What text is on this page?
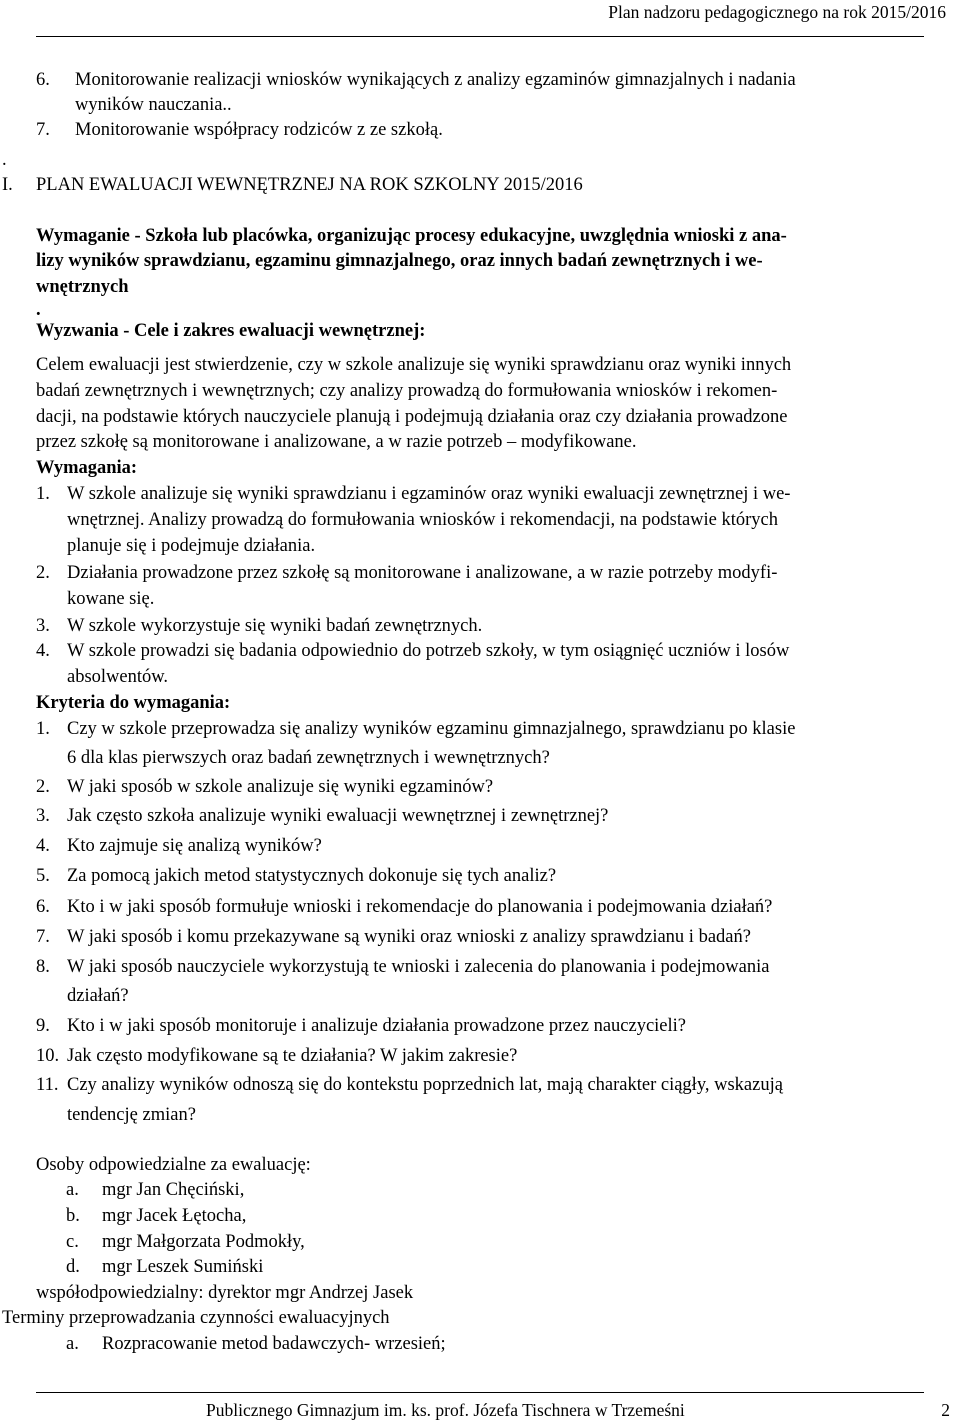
Plan nadzoru pedagogicznego na rok 2015/2016
6. Monitorowanie realizacji wniosków wynikających z analizy egzaminów gimnazjalnych i nadania
wyników nauczania..
7. Monitorowanie współpracy rodziców z ze szkołą.
.
I. PLAN EWALUACJI WEWNĘTRZNEJ NA ROK SZKOLNY 2015/2016
Wymaganie - Szkoła lub placówka, organizując procesy edukacyjne, uwzględnia wnioski z ana-
lizy wyników sprawdzianu, egzaminu gimnazjalnego, oraz innych badań zewnętrznych i we-
wnętrznych
.
Wyzwania - Cele i zakres ewaluacji wewnętrznej:
Celem ewaluacji jest stwierdzenie, czy w szkole analizuje się wyniki sprawdzianu oraz wyniki innych
badań zewnętrznych i wewnętrznych; czy analizy prowadzą do formułowania wniosków i rekomen-
dacji, na podstawie których nauczyciele planują i podejmują działania oraz czy działania prowadzone
przez szkołę są monitorowane i analizowane, a w razie potrzeb – modyfikowane.
Wymagania:
1. W szkole analizuje się wyniki sprawdzianu i egzaminów oraz wyniki ewaluacji zewnętrznej i we-
wnętrznej. Analizy prowadzą do formułowania wniosków i rekomendacji, na podstawie których
planuje się i podejmuje działania.
2. Działania prowadzone przez szkołę są monitorowane i analizowane, a w razie potrzeby modyfi-
kowane się.
3. W szkole wykorzystuje się wyniki badań zewnętrznych.
4. W szkole prowadzi się badania odpowiednio do potrzeb szkoły, w tym osiągnięć uczniów i losów
absolwentów.
Kryteria do wymagania:
1. Czy w szkole przeprowadza się analizy wyników egzaminu gimnazjalnego, sprawdzianu po klasie
6 dla klas pierwszych oraz badań zewnętrznych i wewnętrznych?
2. W jaki sposób w szkole analizuje się wyniki egzaminów?
3. Jak często szkoła analizuje wyniki ewaluacji wewnętrznej i zewnętrznej?
4. Kto zajmuje się analizą wyników?
5. Za pomocą jakich metod statystycznych dokonuje się tych analiz?
6. Kto i w jaki sposób formułuje wnioski i rekomendacje do planowania i podejmowania działań?
7. W jaki sposób i komu przekazywane są wyniki oraz wnioski z analizy sprawdzianu i badań?
8. W jaki sposób nauczyciele wykorzystują te wnioski i zalecenia do planowania i podejmowania
działań?
9. Kto i w jaki sposób monitoruje i analizuje działania prowadzone przez nauczycieli?
10. Jak często modyfikowane są te działania? W jakim zakresie?
11. Czy analizy wyników odnoszą się do kontekstu poprzednich lat, mają charakter ciągły, wskazują
tendencję zmian?
Osoby odpowiedzialne za ewaluację:
a. mgr Jan Chęciński,
b. mgr Jacek Łętocha,
c. mgr Małgorzata Podmokły,
d. mgr Leszek Sumiński
współodpowiedzialny: dyrektor mgr Andrzej Jasek
Terminy przeprowadzania czynności ewaluacyjnych
a. Rozpracowanie metod badawczych- wrzesień;
Publicznego Gimnazjum im. ks. prof. Józefa Tischnera w Trzemeśni	2
